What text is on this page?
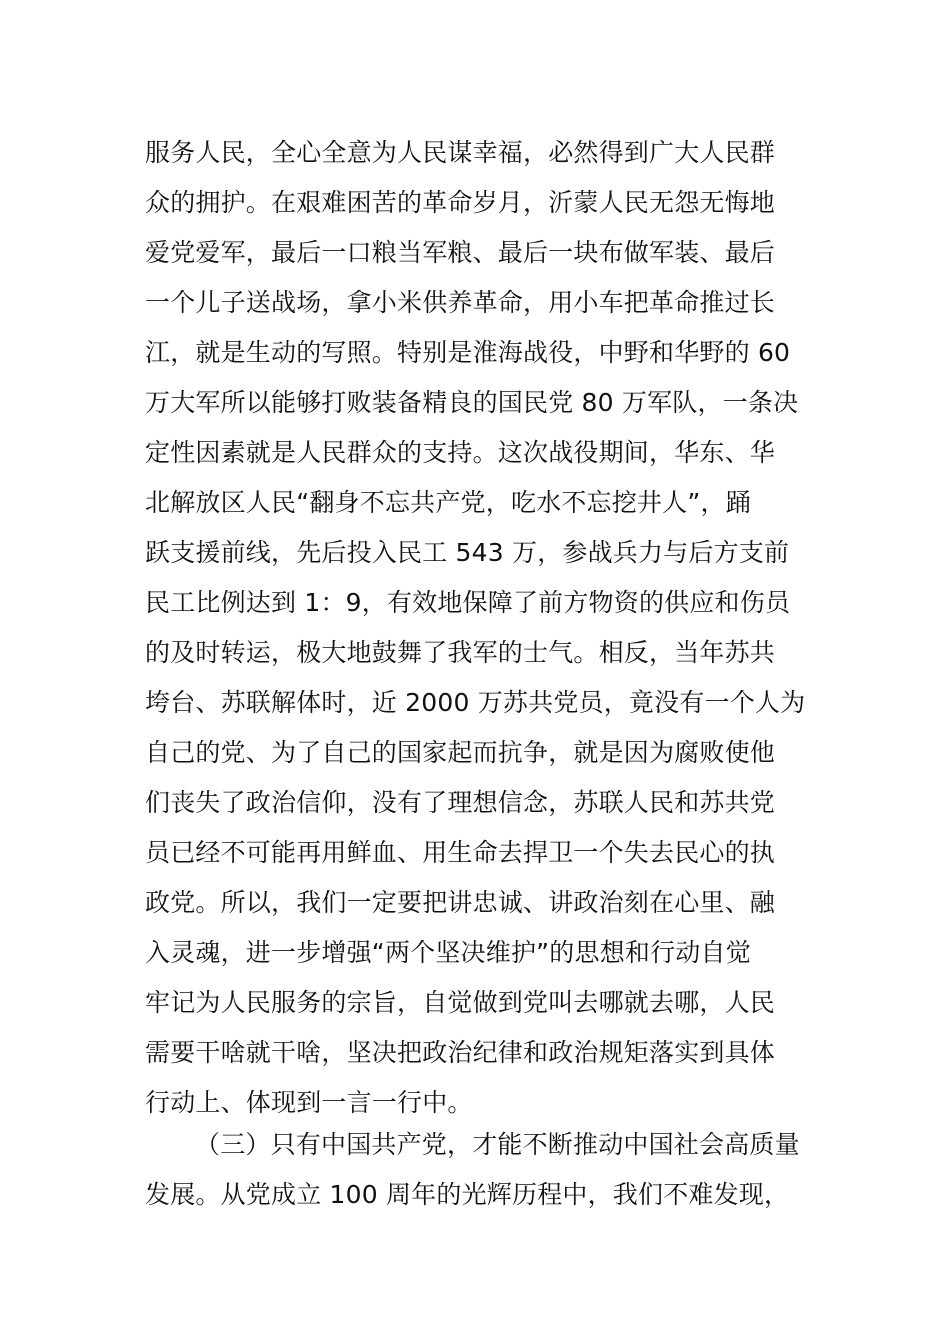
服务人民，全心全意为人民谋幸福，必然得到广大人民群
众的拥护。在艰难困苦的革命岁月，沂蒙人民无怨无悔地
爱党爱军，最后一口粮当军粮、最后一块布做军装、最后
一个儿子送战场，拿小米供养革命，用小车把革命推过长
江，就是生动的写照。特别是淮海战役，中野和华野的 60
万大军所以能够打败装备精良的国民党 80 万军队，一条决
定性因素就是人民群众的支持。这次战役期间，华东、华
北解放区人民“翻身不忘共产党，吃水不忘挖井人”，踊
跃支援前线，先后投入民工 543 万，参战兵力与后方支前
民工比例达到 1：9，有效地保障了前方物资的供应和伤员
的及时转运，极大地鼓舞了我军的士气。相反，当年苏共
垮台、苏联解体时，近 2000 万苏共党员，竟没有一个人为
自己的党、为了自己的国家起而抗争，就是因为腐败使他
们丧失了政治信仰，没有了理想信念，苏联人民和苏共党
员已经不可能再用鲜血、用生命去捍卫一个失去民心的执
政党。所以，我们一定要把讲忠诚、讲政治刻在心里、融
入灵魂，进一步增强“两个坚决维护”的思想和行动自觉
牢记为人民服务的宗旨，自觉做到党叫去哪就去哪，人民
需要干啥就干啥，坚决把政治纪律和政治规矩落实到具体
行动上、体现到一言一行中。
（三）只有中国共产党，才能不断推动中国社会高质量
发展。从党成立 100 周年的光辉历程中，我们不难发现，
